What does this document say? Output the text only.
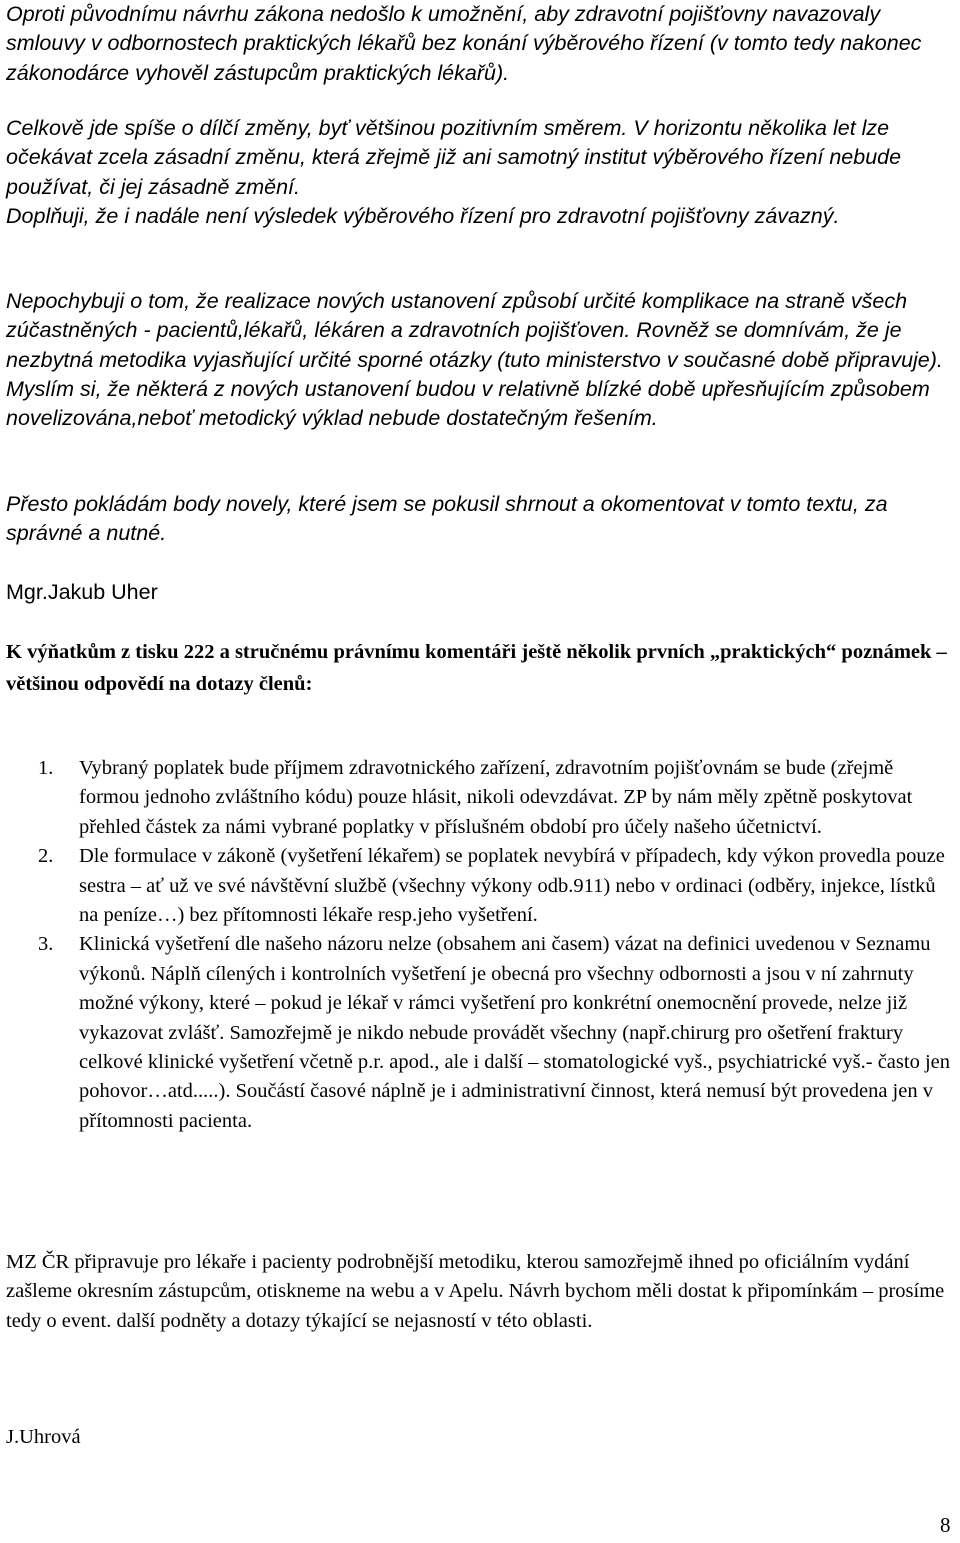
Oproti původnímu návrhu zákona nedošlo k umožnění, aby zdravotní pojišťovny navazovaly smlouvy v odbornostech praktických lékařů bez konání výběrového řízení (v tomto tedy nakonec zákonodárce vyhověl zástupcům praktických lékařů).

Celkově jde spíše o dílčí změny, byť většinou pozitivním směrem. V horizontu několika let lze očekávat zcela zásadní změnu, která zřejmě již ani samotný institut výběrového řízení nebude používat, či jej zásadně změní.

Doplňuji, že i nadále není výsledek výběrového řízení pro zdravotní pojišťovny závazný.

Nepochybuji o tom, že realizace nových ustanovení způsobí určité komplikace na straně všech zúčastněných - pacientů,lékařů, lékáren a zdravotních pojišťoven. Rovněž se domnívám, že je nezbytná metodika vyjasňující určité sporné otázky (tuto ministerstvo v současné době připravuje). Myslím si, že některá z nových ustanovení budou v relativně blízké době upřesňujícím způsobem novelizována,neboť metodický výklad nebude dostatečným řešením.

Přesto pokládám body novely, které jsem se pokusil shrnout a okomentovat v tomto textu, za správné a nutné.

Mgr.Jakub Uher

K výňatkům z tisku 222 a stručnému právnímu komentáři ještě několik prvních „praktických“ poznámek – většinou odpovědí na dotazy členů:

1. Vybraný poplatek bude příjmem zdravotnického zařízení, zdravotním pojišťovnám se bude (zřejmě formou jednoho zvláštního kódu) pouze hlásit, nikoli odevzdávat. ZP by nám měly zpětně poskytovat přehled částek za námi vybrané poplatky v příslušném období pro účely našeho účetnictví.
2. Dle formulace v zákoně (vyšetření lékařem) se poplatek nevybírá v případech, kdy výkon provedla pouze sestra – ať už ve své návštěvní službě (všechny výkony odb.911) nebo v ordinaci (odběry, injekce, lístků na peníze…) bez přítomnosti lékaře resp.jeho vyšetření.
3. Klinická vyšetření dle našeho názoru nelze (obsahem ani časem) vázat na definici uvedenou v Seznamu výkonů. Náplň cílených i kontrolních vyšetření je obecná pro všechny odbornosti a jsou v ní zahrnuty možné výkony, které – pokud je lékař v rámci vyšetření pro konkrétní onemocnění provede, nelze již vykazovat zvlášť. Samozřejmě je nikdo nebude provádět všechny (např.chirurg pro ošetření fraktury celkové klinické vyšetření včetně p.r. apod., ale i další – stomatologické vyš., psychiatrické vyš.- často jen pohovor…atd.....). Součástí časové náplně je i administrativní činnost, která nemusí být provedena jen v přítomnosti pacienta.

MZ ČR připravuje pro lékaře i pacienty podrobnější metodiku, kterou samozřejmě ihned po oficiálním vydání zašleme okresním zástupcům, otiskneme na webu a v Apelu. Návrh bychom měli dostat k připomínkám – prosíme tedy o event. další podněty a dotazy týkající se nejasností v této oblasti.

J.Uhrová

8
